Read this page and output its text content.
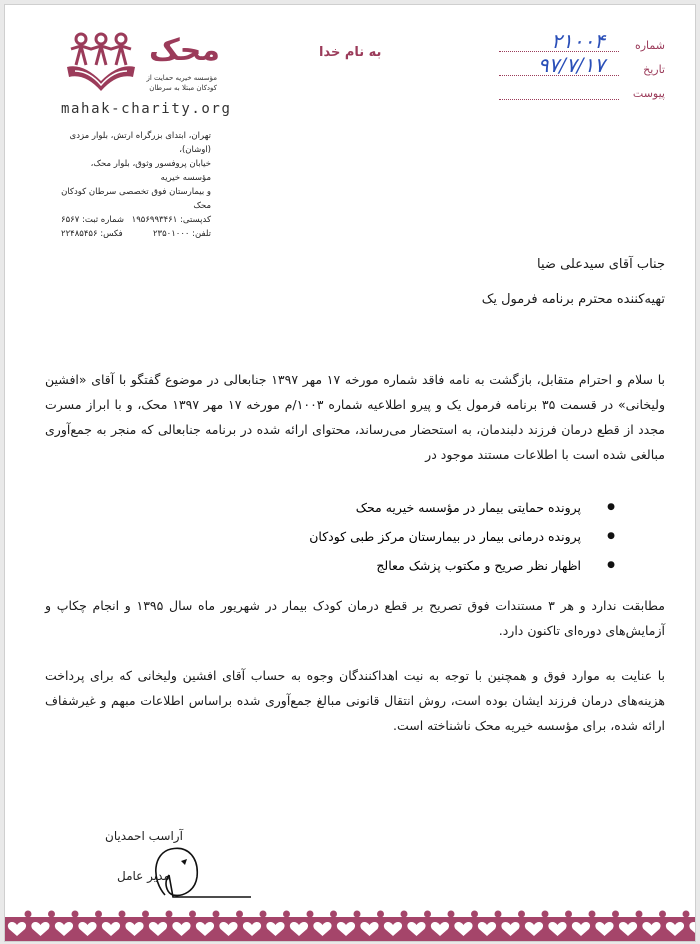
محک
مؤسسه خیریه حمایت از
کودکان مبتلا به سرطان
mahak-charity.org
تهران، ابتدای بزرگراه ارتش، بلوار مزدی (اوشان)،
خیابان پروفسور وثوق، بلوار محک، مؤسسه خیریه
و بیمارستان فوق تخصصی سرطان کودکان محک
کدپستی: ۱۹۵۶۹۹۳۴۶۱
شماره ثبت: ۶۵۶۷
تلفن: ۲۳۵۰۱۰۰۰
فکس: ۲۲۴۸۵۴۵۶
به نام خدا	شماره
۲۱۰۰۴
تاریخ
۹۷/۷/۱۷
پیوست

جناب آقای سیدعلی ضیا

تهیه‌کننده محترم برنامه فرمول یک

با سلام و احترام متقابل، بازگشت به نامه فاقد شماره مورخه ۱۷ مهر ۱۳۹۷ جنابعالی در موضوع گفتگو با آقای «افشین ولیخانی» در قسمت ۳۵ برنامه فرمول یک و پیرو اطلاعیه شماره ۱۰۰۳/م مورخه ۱۷ مهر ۱۳۹۷ محک، و با ابراز مسرت مجدد از قطع درمان فرزند دلبندمان، به استحضار می‌رساند، محتوای ارائه شده در برنامه جنابعالی که منجر به جمع‌آوری مبالغی شده است با اطلاعات مستند موجود در

● پرونده حمایتی بیمار در مؤسسه خیریه محک
● پرونده درمانی بیمار در بیمارستان مرکز طبی کودکان
● اظهار نظر صریح و مکتوب پزشک معالج

مطابقت ندارد و هر ۳ مستندات فوق تصریح بر قطع درمان کودک بیمار در شهریور ماه سال ۱۳۹۵ و انجام چکاپ و آزمایش‌های دوره‌ای تاکنون دارد.

با عنایت به موارد فوق و همچنین با توجه به نیت اهداکنندگان وجوه به حساب آقای افشین ولیخانی که برای پرداخت هزینه‌های درمان فرزند ایشان بوده است، روش انتقال قانونی مبالغ جمع‌آوری شده براساس اطلاعات مبهم و غیرشفاف ارائه شده، برای مؤسسه خیریه محک ناشناخته است.

آراسب احمدیان
مدیر عامل
